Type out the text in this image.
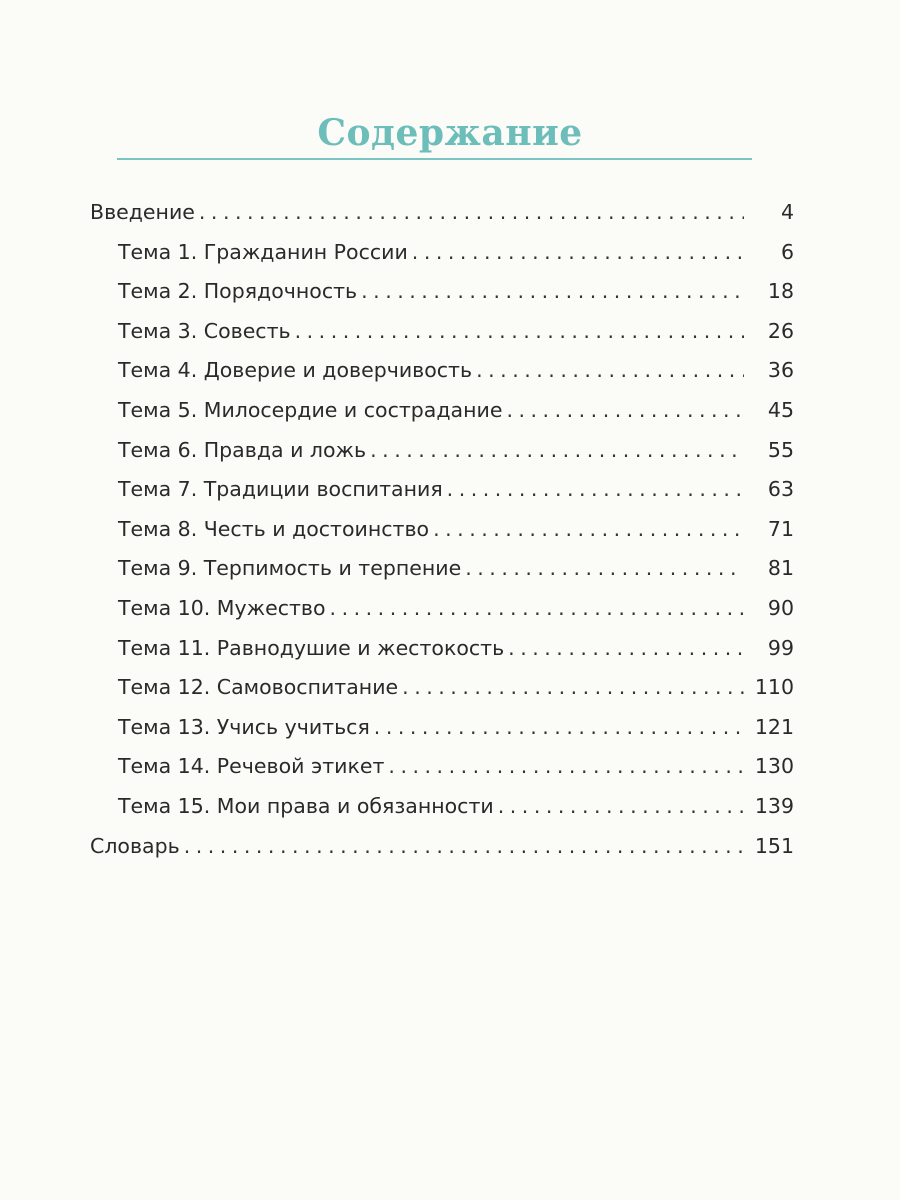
Содержание
Введение . . .	4
Тема 1. Гражданин России . . .	6
Тема 2. Порядочность . . .	18
Тема 3. Совесть . . .	26
Тема 4. Доверие и доверчивость . . .	36
Тема 5. Милосердие и сострадание . . .	45
Тема 6. Правда и ложь . . .	55
Тема 7. Традиции воспитания . . .	63
Тема 8. Честь и достоинство . . .	71
Тема 9. Терпимость и терпение . . .	81
Тема 10. Мужество . . .	90
Тема 11. Равнодушие и жестокость . . .	99
Тема 12. Самовоспитание . . .	110
Тема 13. Учись учиться . . .	121
Тема 14. Речевой этикет . . .	130
Тема 15. Мои права и обязанности . . .	139
Словарь . . .	151
